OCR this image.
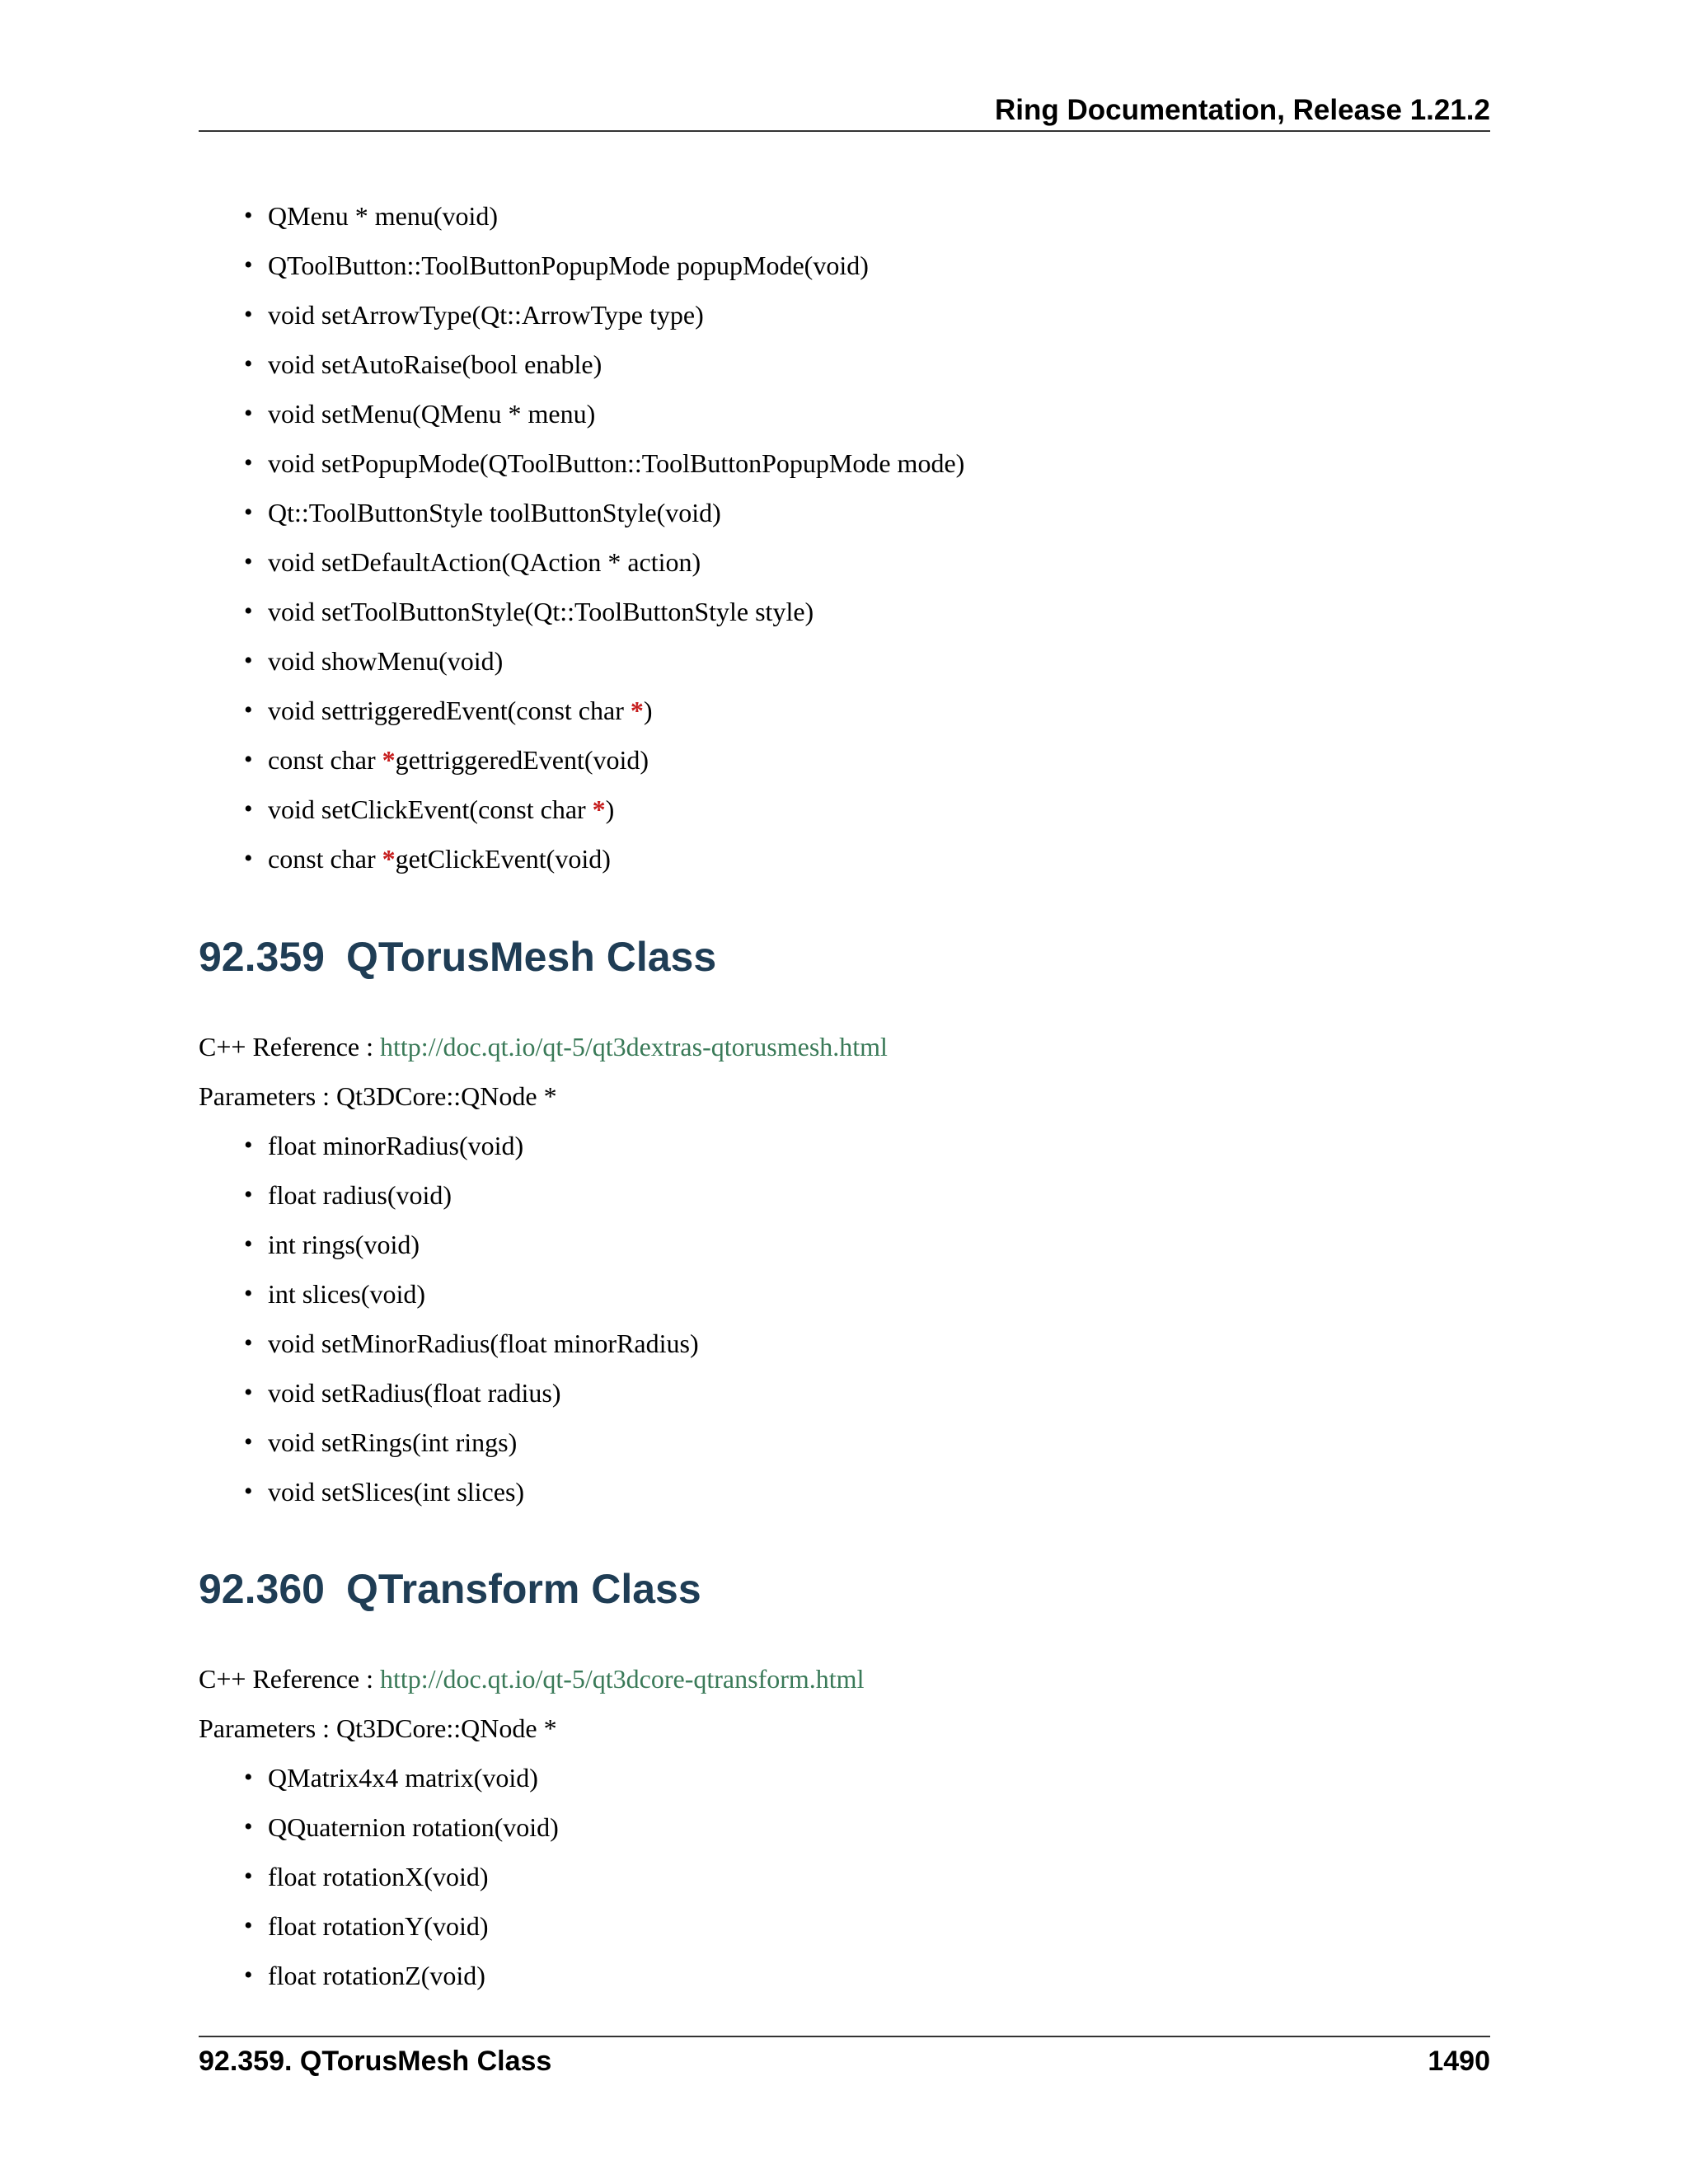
Ring Documentation, Release 1.21.2
• QMenu * menu(void)
• QToolButton::ToolButtonPopupMode popupMode(void)
• void setArrowType(Qt::ArrowType type)
• void setAutoRaise(bool enable)
• void setMenu(QMenu * menu)
• void setPopupMode(QToolButton::ToolButtonPopupMode mode)
• Qt::ToolButtonStyle toolButtonStyle(void)
• void setDefaultAction(QAction * action)
• void setToolButtonStyle(Qt::ToolButtonStyle style)
• void showMenu(void)
• void settriggeredEvent(const char *)
• const char *gettriggeredEvent(void)
• void setClickEvent(const char *)
• const char *getClickEvent(void)
92.359 QTorusMesh Class

C++ Reference : http://doc.qt.io/qt-5/qt3dextras-qtorusmesh.html

Parameters : Qt3DCore::QNode *

• float minorRadius(void)
• float radius(void)
• int rings(void)
• int slices(void)
• void setMinorRadius(float minorRadius)
• void setRadius(float radius)
• void setRings(int rings)
• void setSlices(int slices)
92.360 QTransform Class

C++ Reference : http://doc.qt.io/qt-5/qt3dcore-qtransform.html

Parameters : Qt3DCore::QNode *

• QMatrix4x4 matrix(void)
• QQuaternion rotation(void)
• float rotationX(void)
• float rotationY(void)
• float rotationZ(void)
92.359. QTorusMesh Class	1490
